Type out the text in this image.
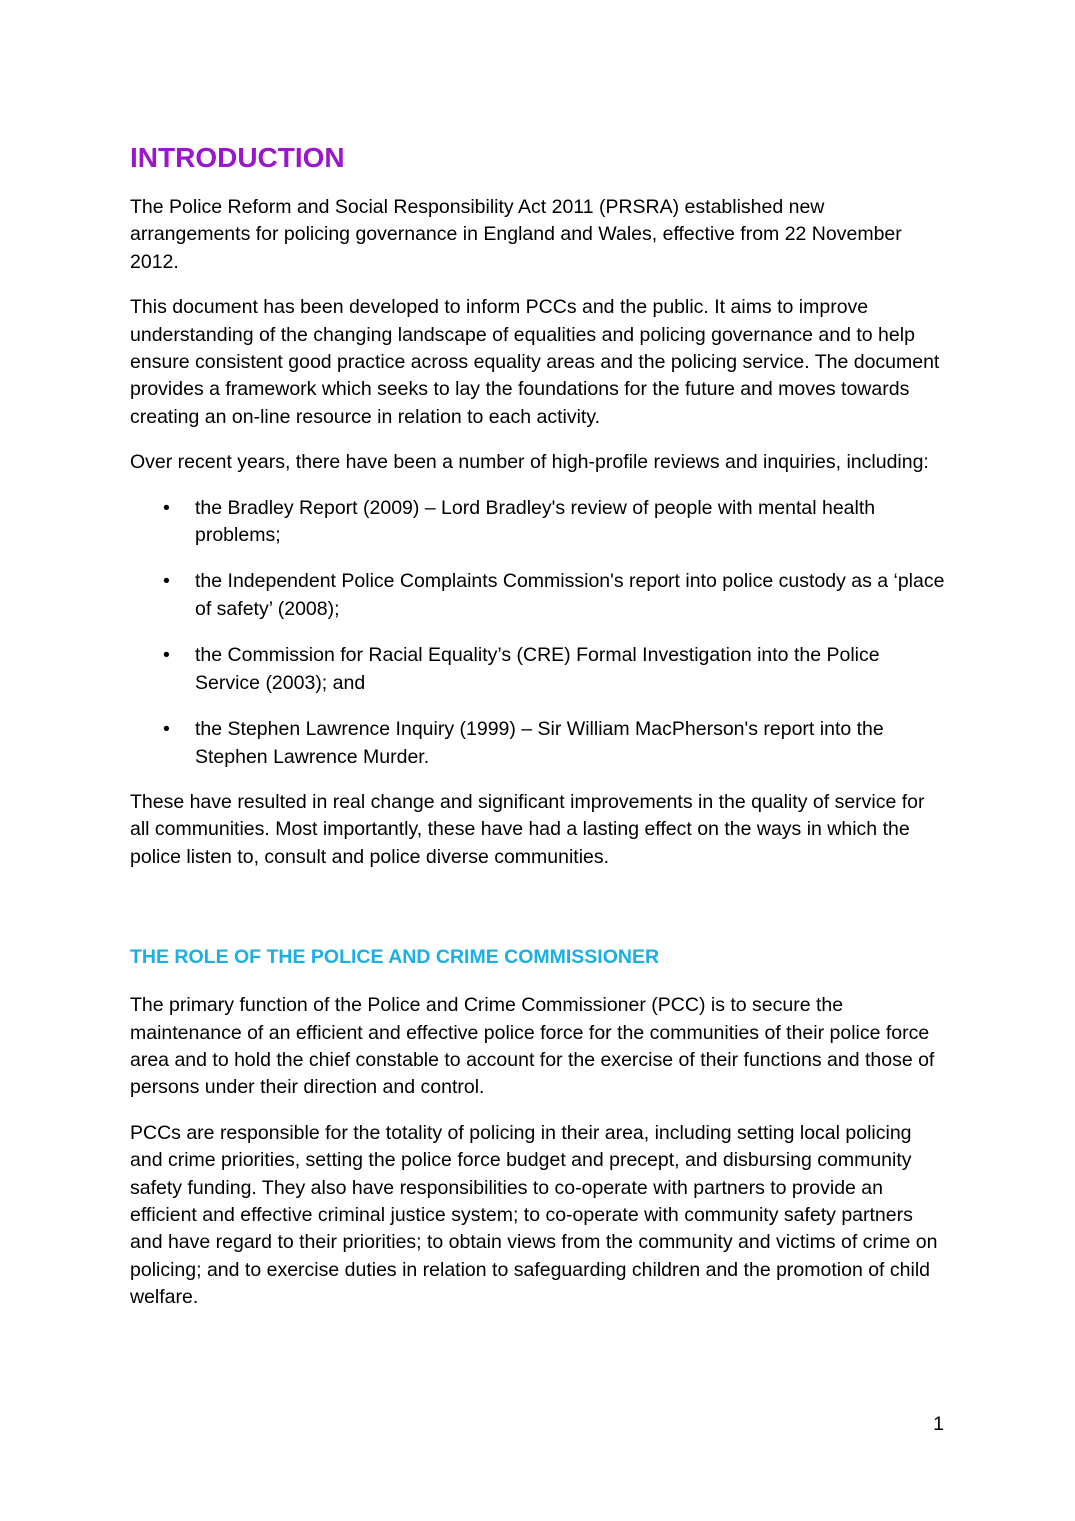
INTRODUCTION

The Police Reform and Social Responsibility Act 2011 (PRSRA) established new arrangements for policing governance in England and Wales, effective from 22 November 2012.

This document has been developed to inform PCCs and the public. It aims to improve understanding of the changing landscape of equalities and policing governance and to help ensure consistent good practice across equality areas and the policing service. The document provides a framework which seeks to lay the foundations for the future and moves towards creating an on-line resource in relation to each activity.

Over recent years, there have been a number of high-profile reviews and inquiries, including:

• the Bradley Report (2009) – Lord Bradley's review of people with mental health problems;
• the Independent Police Complaints Commission's report into police custody as a ‘place of safety’ (2008);
• the Commission for Racial Equality’s (CRE) Formal Investigation into the Police Service (2003); and
• the Stephen Lawrence Inquiry (1999) – Sir William MacPherson's report into the Stephen Lawrence Murder.

These have resulted in real change and significant improvements in the quality of service for all communities. Most importantly, these have had a lasting effect on the ways in which the police listen to, consult and police diverse communities.

THE ROLE OF THE POLICE AND CRIME COMMISSIONER

The primary function of the Police and Crime Commissioner (PCC) is to secure the maintenance of an efficient and effective police force for the communities of their police force area and to hold the chief constable to account for the exercise of their functions and those of persons under their direction and control.

PCCs are responsible for the totality of policing in their area, including setting local policing and crime priorities, setting the police force budget and precept, and disbursing community safety funding. They also have responsibilities to co-operate with partners to provide an efficient and effective criminal justice system; to co-operate with community safety partners and have regard to their priorities; to obtain views from the community and victims of crime on policing; and to exercise duties in relation to safeguarding children and the promotion of child welfare.

1
